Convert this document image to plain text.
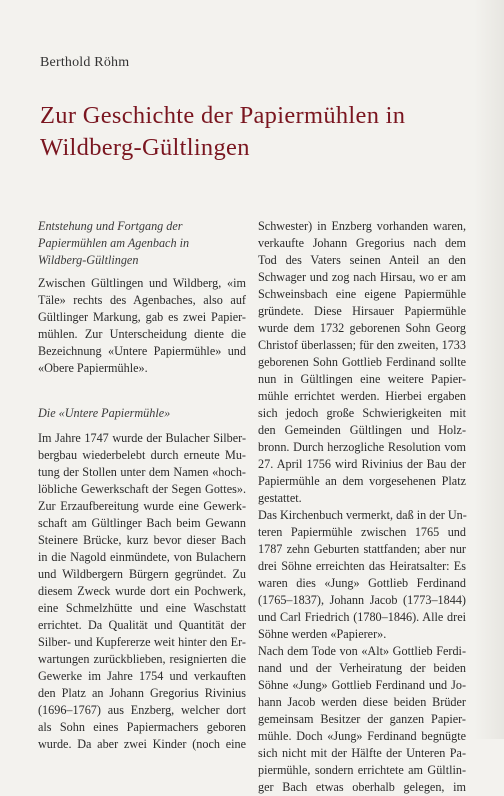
Berthold Röhm
Zur Geschichte der Papiermühlen in
Wildberg-Gültlingen
Entstehung und Fortgang der
Papiermühlen am Agenbach in
Wildberg-Gültlingen
Zwischen Gültlingen und Wildberg, «im
Täle» rechts des Agenbaches, also auf
Gültlinger Markung, gab es zwei Papier-
mühlen. Zur Unterscheidung diente die
Bezeichnung «Untere Papiermühle» und
«Obere Papiermühle».
Die «Untere Papiermühle»
Im Jahre 1747 wurde der Bulacher Silber-
bergbau wiederbelebt durch erneute Mu-
tung der Stollen unter dem Namen «hoch-
löbliche Gewerkschaft der Segen Gottes».
Zur Erzaufbereitung wurde eine Gewerk-
schaft am Gültlinger Bach beim Gewann
Steinere Brücke, kurz bevor dieser Bach
in die Nagold einmündete, von Bulachern
und Wildbergern Bürgern gegründet. Zu
diesem Zweck wurde dort ein Pochwerk,
eine Schmelzhütte und eine Waschstatt
errichtet. Da Qualität und Quantität der
Silber- und Kupfererze weit hinter den Er-
wartungen zurückblieben, resignierten die
Gewerke im Jahre 1754 und verkauften
den Platz an Johann Gregorius Rivinius
(1696–1767) aus Enzberg, welcher dort
als Sohn eines Papiermachers geboren
wurde. Da aber zwei Kinder (noch eine
Schwester) in Enzberg vorhanden waren,
verkaufte Johann Gregorius nach dem
Tod des Vaters seinen Anteil an den
Schwager und zog nach Hirsau, wo er am
Schweinsbach eine eigene Papiermühle
gründete. Diese Hirsauer Papiermühle
wurde dem 1732 geborenen Sohn Georg
Christof überlassen; für den zweiten, 1733
geborenen Sohn Gottlieb Ferdinand sollte
nun in Gültlingen eine weitere Papier-
mühle errichtet werden. Hierbei ergaben
sich jedoch große Schwierigkeiten mit
den Gemeinden Gültlingen und Holz-
bronn. Durch herzogliche Resolution vom
27. April 1756 wird Rivinius der Bau der
Papiermühle an dem vorgesehenen Platz
gestattet.
Das Kirchenbuch vermerkt, daß in der Un-
teren Papiermühle zwischen 1765 und
1787 zehn Geburten stattfanden; aber nur
drei Söhne erreichten das Heiratsalter: Es
waren dies «Jung» Gottlieb Ferdinand
(1765–1837), Johann Jacob (1773–1844)
und Carl Friedrich (1780–1846). Alle drei
Söhne werden «Papierer».
Nach dem Tode von «Alt» Gottlieb Ferdi-
nand und der Verheiratung der beiden
Söhne «Jung» Gottlieb Ferdinand und Jo-
hann Jacob werden diese beiden Brüder
gemeinsam Besitzer der ganzen Papier-
mühle. Doch «Jung» Ferdinand begnügte
sich nicht mit der Hälfte der Unteren Pa-
piermühle, sondern errichtete am Gültlin-
ger Bach etwas oberhalb gelegen, im
